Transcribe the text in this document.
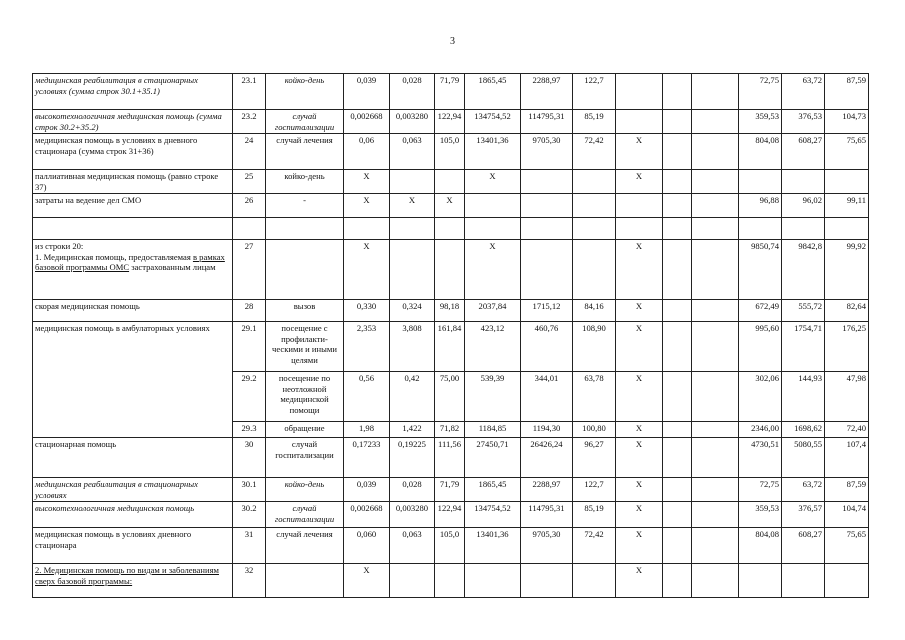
3
медицинская реабилитация в стационарных условиях (сумма строк 30.1+35.1)	23.1	койко-день	0,039	0,028	71,79	1865,45	2288,97	122,7				72,75	63,72	87,59
высокотехнологичная медицинская помощь (сумма строк 30.2+35.2)	23.2	случай госпитализации	0,002668	0,003280	122,94	134754,52	114795,31	85,19				359,53	376,53	104,73
медицинская помощь в условиях в дневного стационара (сумма строк 31+36)	24	случай лечения	0,06	0,063	105,0	13401,36	9705,30	72,42	Х			804,08	608,27	75,65
паллиативная медицинская помощь (равно строке 37)	25	койко-день	Х			Х			Х					
затраты на ведение дел СМО	26	-	Х	Х	Х							96,88	96,02	99,11

из строки 20:
1. Медицинская помощь, предоставляемая в рамках базовой программы ОМС застрахованным лицам	27		Х			Х			Х			9850,74	9842,8	99,92
скорая медицинская помощь	28	вызов	0,330	0,324	98,18	2037,84	1715,12	84,16	Х			672,49	555,72	82,64
медицинская помощь в амбулаторных условиях	29.1	посещение с профилакти-ческими и иными целями	2,353	3,808	161,84	423,12	460,76	108,90	Х			995,60	1754,71	176,25
	29.2	посещение по неотложной медицинской помощи	0,56	0,42	75,00	539,39	344,01	63,78	Х			302,06	144,93	47,98
	29.3	обращение	1,98	1,422	71,82	1184,85	1194,30	100,80	Х			2346,00	1698,62	72,40
стационарная помощь	30	случай госпитализации	0,17233	0,19225	111,56	27450,71	26426,24	96,27	Х			4730,51	5080,55	107,4
медицинская реабилитация в стационарных условиях	30.1	койко-день	0,039	0,028	71,79	1865,45	2288,97	122,7	Х			72,75	63,72	87,59
высокотехнологичная медицинская помощь	30.2	случай госпитализации	0,002668	0,003280	122,94	134754,52	114795,31	85,19	Х			359,53	376,57	104,74
медицинская помощь в условиях дневного стационара	31	случай лечения	0,060	0,063	105,0	13401,36	9705,30	72,42	Х			804,08	608,27	75,65
2. Медицинская помощь по видам и заболеваниям сверх базовой программы:	32		Х						Х					
